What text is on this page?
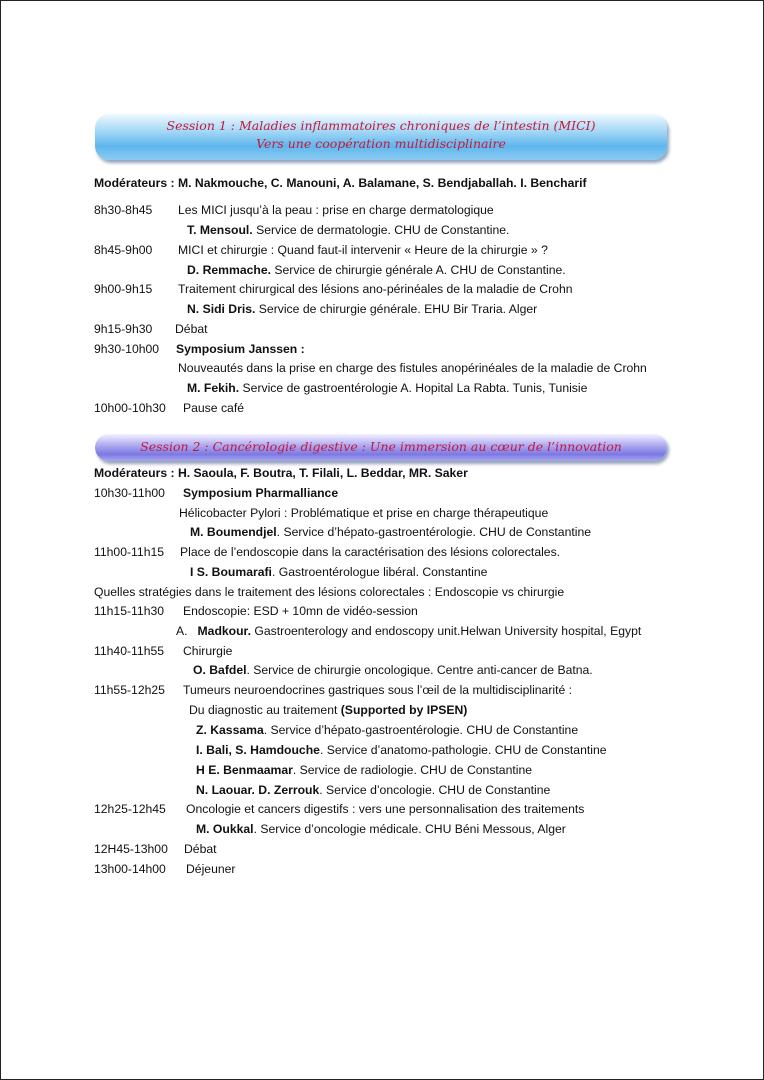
Session 1 : Maladies inflammatoires chroniques de l’intestin (MICI)
Vers une coopération multidisciplinaire
Modérateurs : M. Nakmouche, C. Manouni, A. Balamane, S. Bendjaballah. I. Bencharif
8h30-8h45 Les MICI jusqu’à la peau : prise en charge dermatologique
T. Mensoul. Service de dermatologie. CHU de Constantine.
8h45-9h00 MICI et chirurgie : Quand faut-il intervenir « Heure de la chirurgie » ?
D. Remmache. Service de chirurgie générale A. CHU de Constantine.
9h00-9h15 Traitement chirurgical des lésions ano-périnéales de la maladie de Crohn
N. Sidi Dris. Service de chirurgie générale. EHU Bir Traria. Alger
9h15-9h30 Débat
9h30-10h00 Symposium Janssen :
Nouveautés dans la prise en charge des fistules anopérinéales de la maladie de Crohn
M. Fekih. Service de gastroentérologie A. Hopital La Rabta. Tunis, Tunisie
10h00-10h30 Pause café
Session 2 : Cancérologie digestive : Une immersion au cœur de l’innovation
Modérateurs : H. Saoula, F. Boutra, T. Filali, L. Beddar, MR. Saker
10h30-11h00 Symposium Pharmalliance
Hélicobacter Pylori : Problématique et prise en charge thérapeutique
M. Boumendjel. Service d’hépato-gastroentérologie. CHU de Constantine
11h00-11h15 Place de l’endoscopie dans la caractérisation des lésions colorectales.
I S. Boumarafi. Gastroentérologue libéral. Constantine
Quelles stratégies dans le traitement des lésions colorectales : Endoscopie vs chirurgie
11h15-11h30 Endoscopie: ESD + 10mn de vidéo-session
A. Madkour. Gastroenterology and endoscopy unit.Helwan University hospital, Egypt
11h40-11h55 Chirurgie
O. Bafdel. Service de chirurgie oncologique. Centre anti-cancer de Batna.
11h55-12h25 Tumeurs neuroendocrines gastriques sous l’œil de la multidisciplinarité :
Du diagnostic au traitement (Supported by IPSEN)
Z. Kassama. Service d’hépato-gastroentérologie. CHU de Constantine
I. Bali, S. Hamdouche. Service d’anatomo-pathologie. CHU de Constantine
H E. Benmaamar. Service de radiologie. CHU de Constantine
N. Laouar. D. Zerrouk. Service d’oncologie. CHU de Constantine
12h25-12h45 Oncologie et cancers digestifs : vers une personnalisation des traitements
M. Oukkal. Service d’oncologie médicale. CHU Béni Messous, Alger
12H45-13h00 Débat
13h00-14h00 Déjeuner
